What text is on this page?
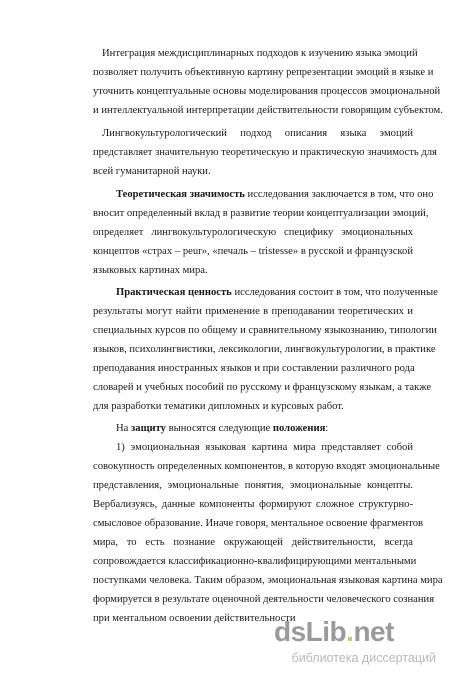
Интеграция междисциплинарных подходов к изучению языка эмоций
позволяет получить объективную картину репрезентации эмоций в языке и
уточнить концептуальные основы моделирования процессов эмоциональной
и интеллектуальной интерпретации действительности говорящим субъектом.
Лингвокультурологический подход описания языка эмоций
представляет значительную теоретическую и практическую значимость для
всей гуманитарной науки.
Теоретическая значимость исследования заключается в том, что оно
вносит определенный вклад в развитие теории концептуализации эмоций,
определяет лингвокультурологическую специфику эмоциональных
концептов «страх – peur», «печаль – tristesse» в русской и французской
языковых картинах мира.
Практическая ценность исследования состоит в том, что полученные
результаты могут найти применение в преподавании теоретических и
специальных курсов по общему и сравнительному языкознанию, типологии
языков, психолингвистики, лексикологии, лингвокультурологии, в практике
преподавания иностранных языков и при составлении различного рода
словарей и учебных пособий по русскому и французскому языкам, а также
для разработки тематики дипломных и курсовых работ.
На защиту выносятся следующие положения:
1) эмоциональная языковая картина мира представляет собой
совокупность определенных компонентов, в которую входят эмоциональные
представления, эмоциональные понятия, эмоциональные концепты.
Вербализуясь, данные компоненты формируют сложное структурно-
смысловое образование. Иначе говоря, ментальное освоение фрагментов
мира, то есть познание окружающей действительности, всегда
сопровождается классификационно-квалифицирующими ментальными
поступками человека. Таким образом, эмоциональная языковая картина мира
формируется в результате оценочной деятельности человеческого сознания
при ментальном освоении действительности
dsLib.net
библиотека диссертаций
